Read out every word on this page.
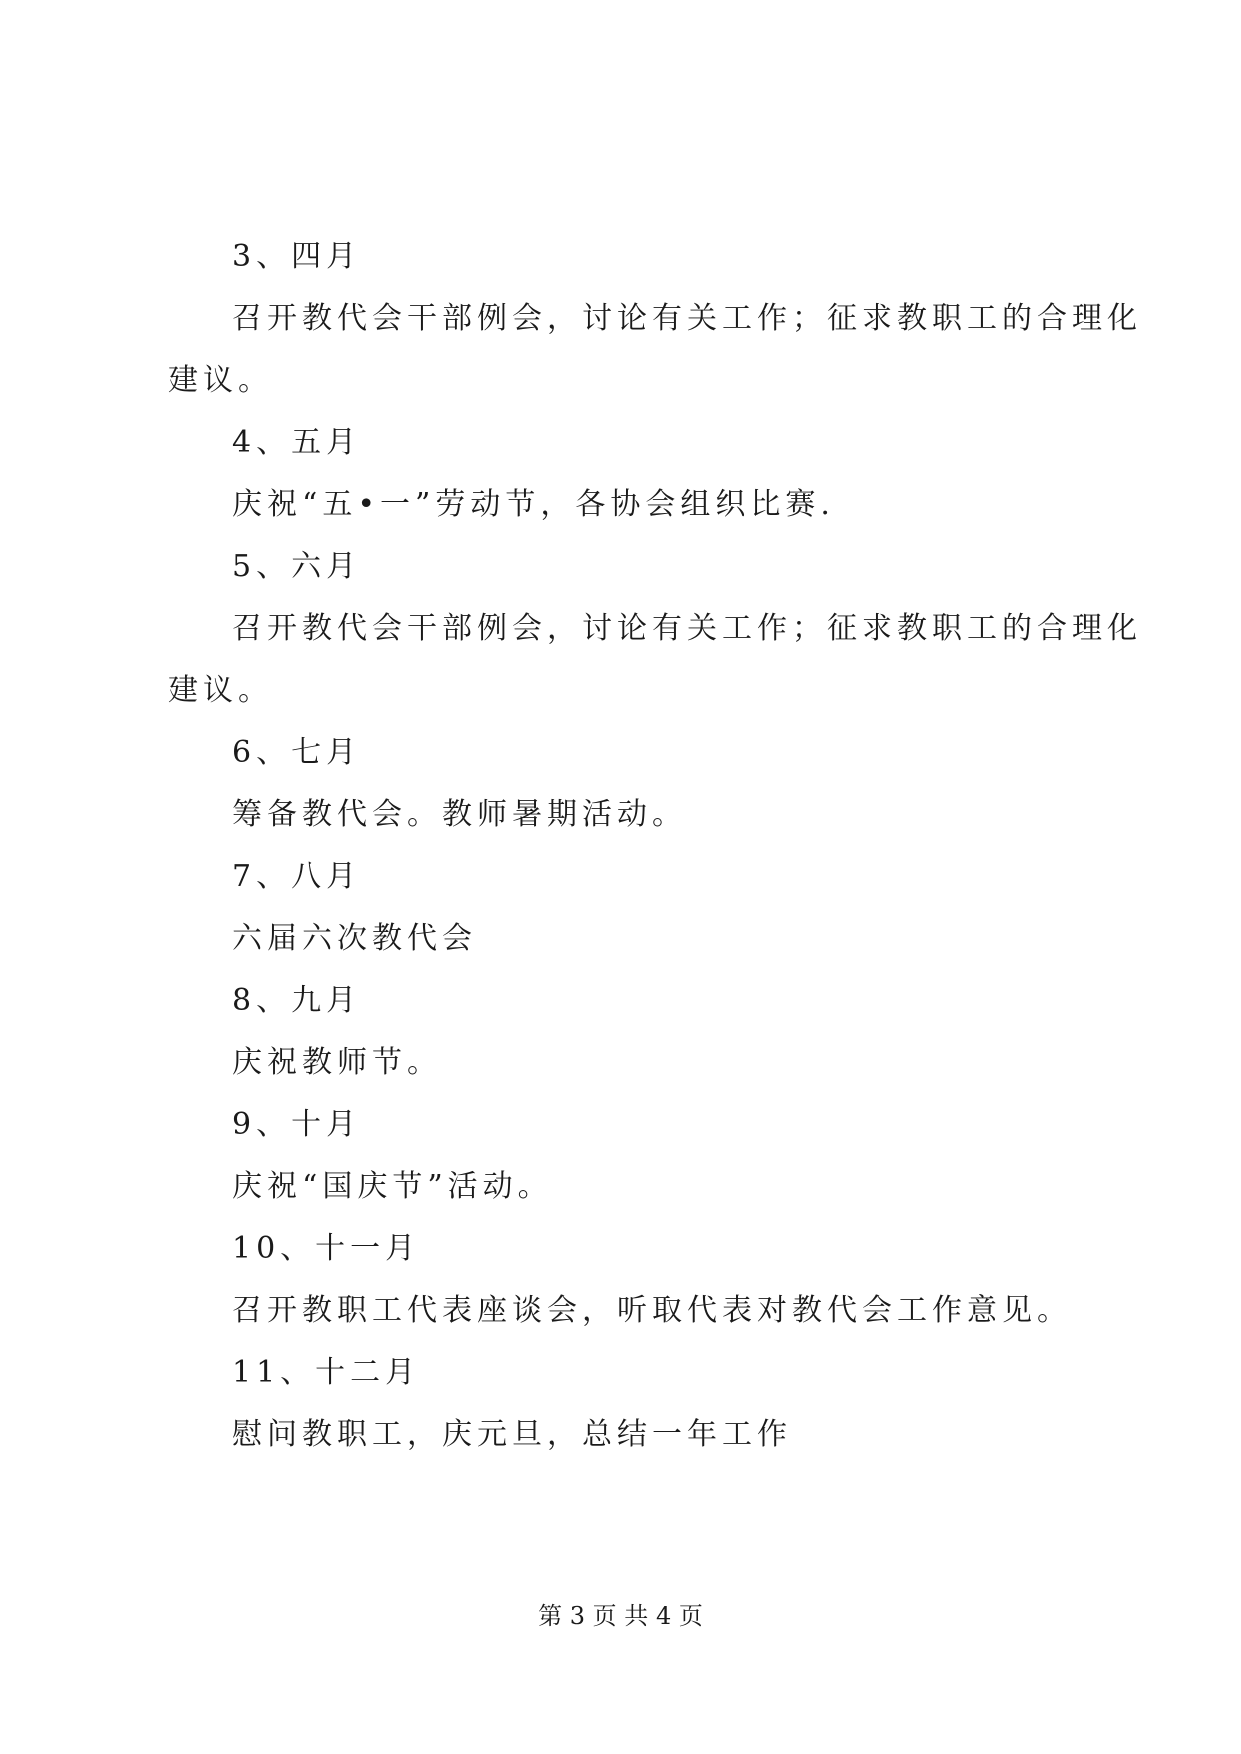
3、四月
召开教代会干部例会，讨论有关工作；征求教职工的合理化
建议。
4、五月
庆祝“五•一”劳动节，各协会组织比赛.
5、六月
召开教代会干部例会，讨论有关工作；征求教职工的合理化
建议。
6、七月
筹备教代会。教师暑期活动。
7、八月
六届六次教代会
8、九月
庆祝教师节。
9、十月
庆祝“国庆节”活动。
10、十一月
召开教职工代表座谈会，听取代表对教代会工作意见。
11、十二月
慰问教职工，庆元旦，总结一年工作
第 3 页 共 4 页
